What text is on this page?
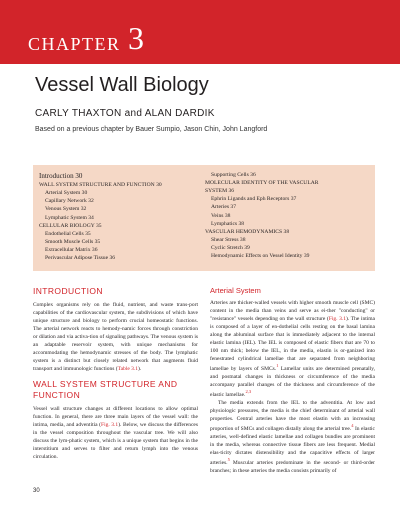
CHAPTER 3
Vessel Wall Biology
CARLY THAXTON and ALAN DARDIK
Based on a previous chapter by Bauer Sumpio, Jason Chin, John Langford
Introduction 30
WALL SYSTEM STRUCTURE AND FUNCTION 30
Arterial System 30
Capillary Network 32
Venous System 32
Lymphatic System 34
CELLULAR BIOLOGY 35
Endothelial Cells 35
Smooth Muscle Cells 35
Extracellular Matrix 36
Perivascular Adipose Tissue 36
Supporting Cells 36
MOLECULAR IDENTITY OF THE VASCULAR
SYSTEM 36
Ephrin Ligands and Eph Receptors 37
Arteries 37
Veins 38
Lymphatics 38
VASCULAR HEMODYNAMICS 38
Shear Stress 38
Cyclic Stretch 39
Hemodynamic Effects on Vessel Identity 39
INTRODUCTION

Complex organisms rely on the fluid, nutrient, and waste trans-port capabilities of the cardiovascular system, the subdivisions of which have unique structure and biology to perform crucial homeostatic functions. The arterial network reacts to hemody-namic forces through constriction or dilation and via activa-tion of signaling pathways. The venous system is an adaptable reservoir system, with unique mechanisms for accommodating the hemodynamic stresses of the body. The lymphatic system is a distinct but closely related network that augments fluid transport and immunologic functions (Table 3.1).

WALL SYSTEM STRUCTURE AND FUNCTION

Vessel wall structure changes at different locations to allow optimal function. In general, there are three main layers of the vessel wall: the intima, media, and adventitia (Fig. 3.1). Below, we discuss the differences in the vessel composition throughout the vascular tree. We will also discuss the lym-phatic system, which is a unique system that begins in the interstitium and serves to filter and return lymph into the venous circulation.

Arterial System

Arteries are thicker-walled vessels with higher smooth muscle cell (SMC) content in the media than veins and serve as ei-ther "conducting" or "resistance" vessels depending on the wall structure (Fig. 3.1). The intima is composed of a layer of en-dothelial cells resting on the basal lamina along the abluminal surface that is immediately adjacent to the internal elastic lamina (IEL). The IEL is composed of elastic fibers that are 70 to 100 nm thick; below the IEL, in the media, elastin is or-ganized into fenestrated cylindrical lamellae that are separated from neighboring lamellae by layers of SMCs.$^1$ Lamellar units are determined prenatally, and postnatal changes in thickness or circumference of the media accompany parallel changes of the thickness and circumference of the elastic lamellae.$^{2,3}$

The media extends from the IEL to the adventitia. At low and physiologic pressures, the media is the chief determinant of arterial wall properties. Central arteries have the most elastin with an increasing proportion of SMCs and collagen distally along the arterial tree.$^4$ In elastic arteries, well-defined elastic lamellae and collagen bundles are prominent in the media, whereas connective tissue fibers are less frequent. Medial elas-ticity dictates distensibility and the capacitive effects of larger arteries.$^5$ Muscular arteries predominate in the second- or third-order branches; in these arteries the media consists primarily of

30
